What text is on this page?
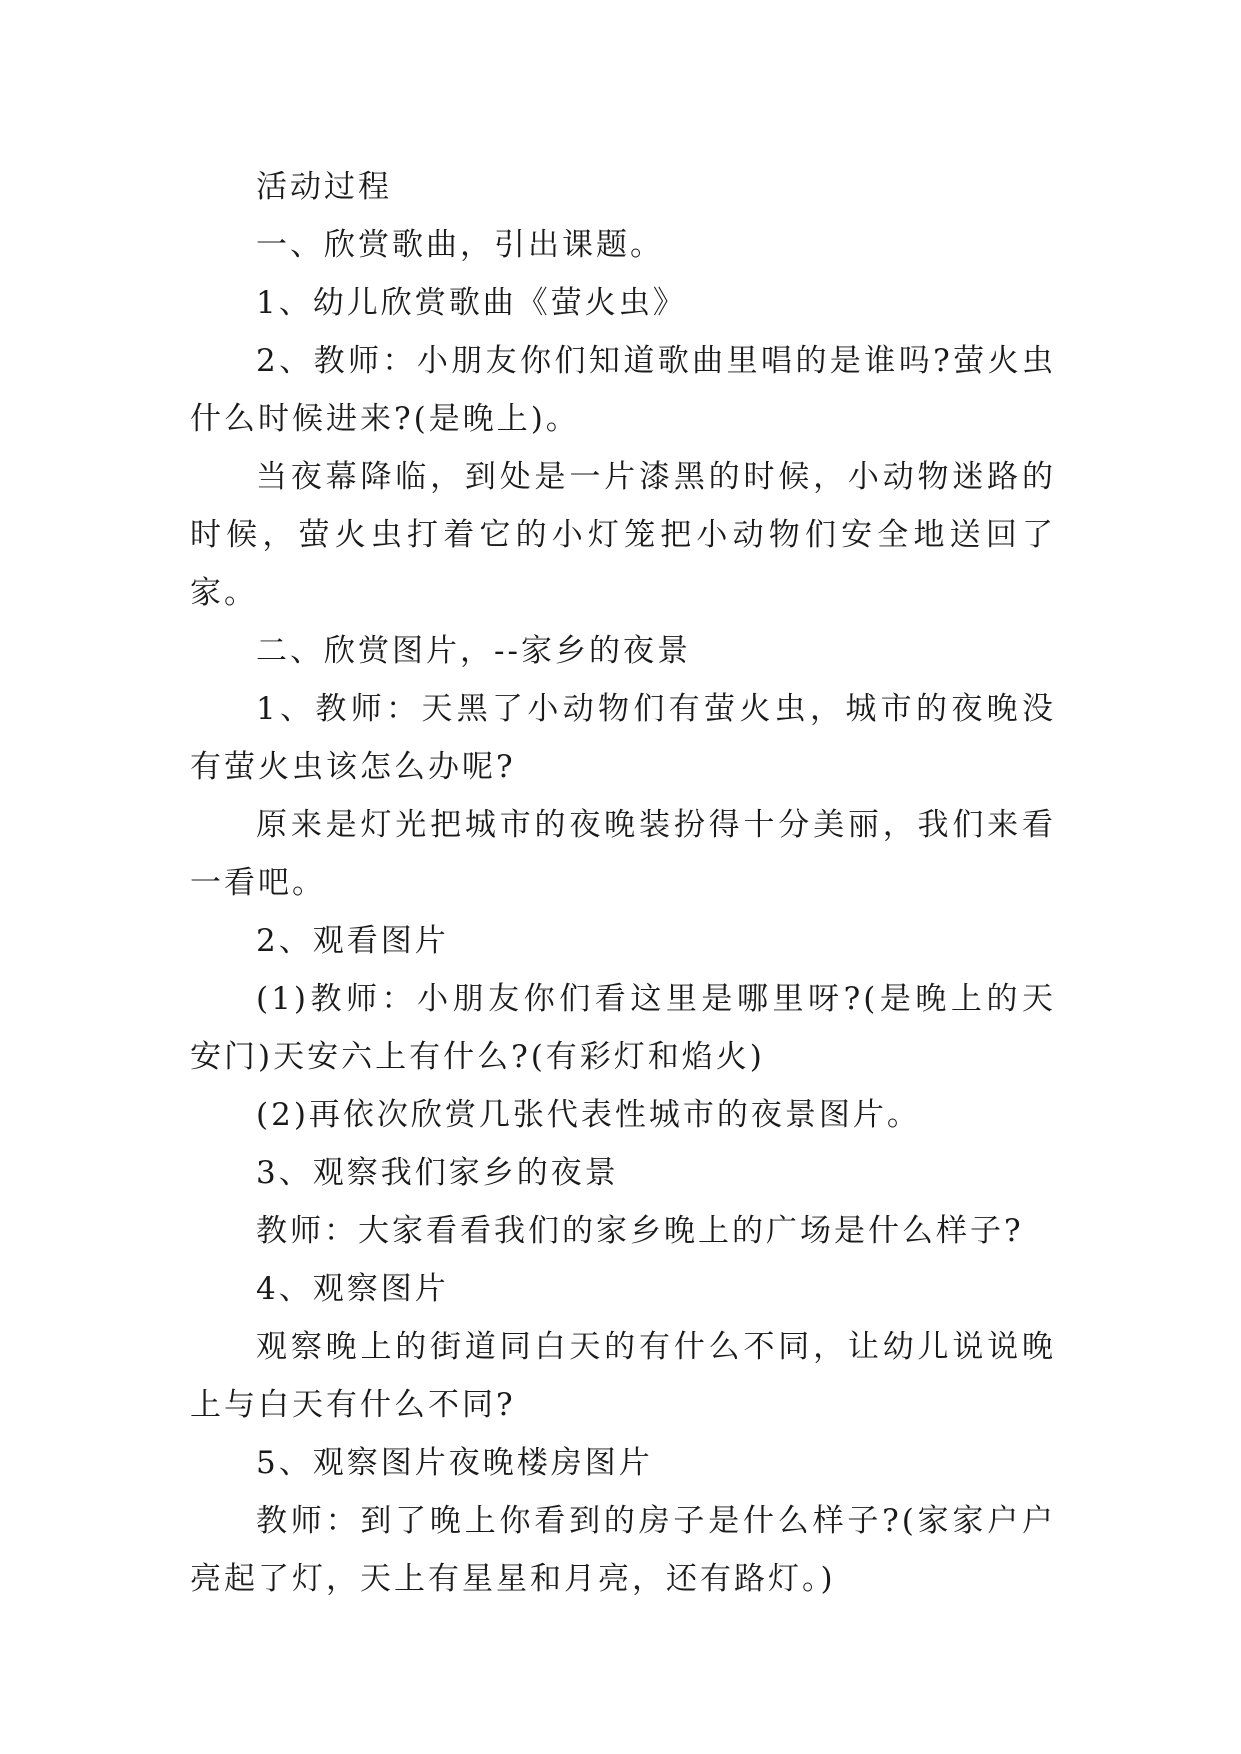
活动过程

一、欣赏歌曲，引出课题。

1、幼儿欣赏歌曲《萤火虫》

2、教师：小朋友你们知道歌曲里唱的是谁吗?萤火虫什么时候进来?(是晚上)。

当夜幕降临，到处是一片漆黑的时候，小动物迷路的时候，萤火虫打着它的小灯笼把小动物们安全地送回了家。

二、欣赏图片，--家乡的夜景

1、教师：天黑了小动物们有萤火虫，城市的夜晚没有萤火虫该怎么办呢?

原来是灯光把城市的夜晚装扮得十分美丽，我们来看一看吧。

2、观看图片

(1)教师：小朋友你们看这里是哪里呀?(是晚上的天安门)天安六上有什么?(有彩灯和焰火)

(2)再依次欣赏几张代表性城市的夜景图片。

3、观察我们家乡的夜景

教师：大家看看我们的家乡晚上的广场是什么样子?

4、观察图片

观察晚上的街道同白天的有什么不同，让幼儿说说晚上与白天有什么不同?

5、观察图片夜晚楼房图片

教师：到了晚上你看到的房子是什么样子?(家家户户亮起了灯，天上有星星和月亮，还有路灯。)
